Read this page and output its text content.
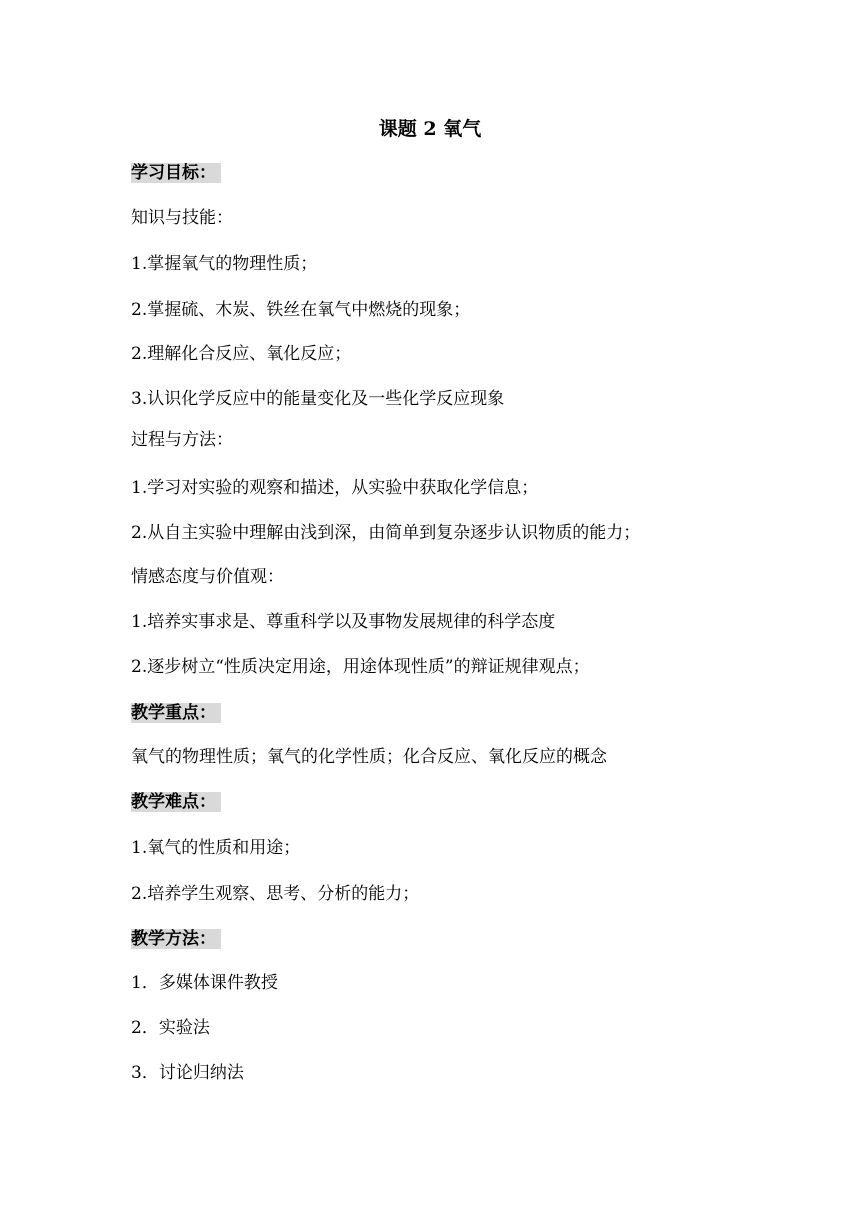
课题 2 氧气
学习目标：
知识与技能：
1.掌握氧气的物理性质；
2.掌握硫、木炭、铁丝在氧气中燃烧的现象；
2.理解化合反应、氧化反应；
3.认识化学反应中的能量变化及一些化学反应现象
过程与方法：
1.学习对实验的观察和描述，从实验中获取化学信息；
2.从自主实验中理解由浅到深，由简单到复杂逐步认识物质的能力；
情感态度与价值观：
1.培养实事求是、尊重科学以及事物发展规律的科学态度
2.逐步树立“性质决定用途，用途体现性质”的辩证规律观点；
教学重点：
氧气的物理性质；氧气的化学性质；化合反应、氧化反应的概念
教学难点：
1.氧气的性质和用途；
2.培养学生观察、思考、分析的能力；
教学方法：
1．多媒体课件教授
2．实验法
3．讨论归纳法
